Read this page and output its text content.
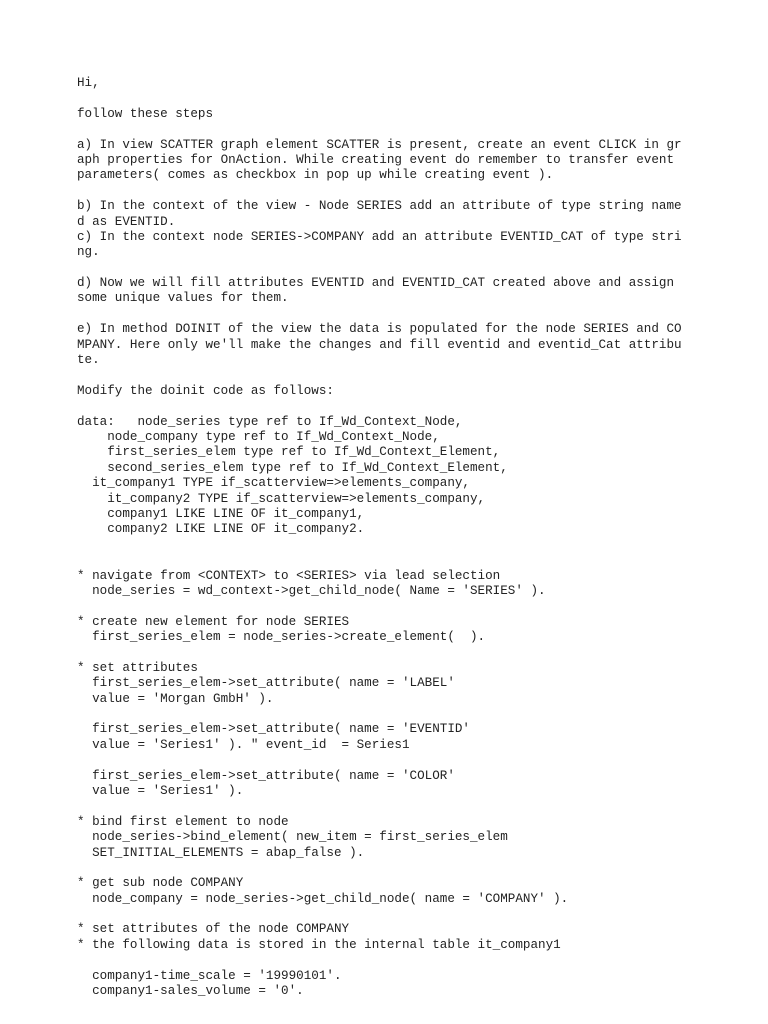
Hi,
follow these steps
a) In view SCATTER graph element SCATTER is present, create an event CLICK in gr
aph properties for OnAction. While creating event do remember to transfer event
parameters( comes as checkbox in pop up while creating event ).
b) In the context of the view - Node SERIES add an attribute of type string name
d as EVENTID.
c) In the context node SERIES->COMPANY add an attribute EVENTID_CAT of type stri
ng.
d) Now we will fill attributes EVENTID and EVENTID_CAT created above and assign
some unique values for them.
e) In method DOINIT of the view the data is populated for the node SERIES and CO
MPANY. Here only we'll make the changes and fill eventid and eventid_Cat attribu
te.
Modify the doinit code as follows:
data:   node_series type ref to If_Wd_Context_Node,
node_company type ref to If_Wd_Context_Node,
first_series_elem type ref to If_Wd_Context_Element,
second_series_elem type ref to If_Wd_Context_Element,
it_company1 TYPE if_scatterview=>elements_company,
it_company2 TYPE if_scatterview=>elements_company,
company1 LIKE LINE OF it_company1,
company2 LIKE LINE OF it_company2.
* navigate from <CONTEXT> to <SERIES> via lead selection
node_series = wd_context->get_child_node( Name = 'SERIES' ).
* create new element for node SERIES
first_series_elem = node_series->create_element(  ).
* set attributes
first_series_elem->set_attribute( name = 'LABEL'
value = 'Morgan GmbH' ).
first_series_elem->set_attribute( name = 'EVENTID'
value = 'Series1' ). " event_id  = Series1
first_series_elem->set_attribute( name = 'COLOR'
value = 'Series1' ).
* bind first element to node
node_series->bind_element( new_item = first_series_elem
SET_INITIAL_ELEMENTS = abap_false ).
* get sub node COMPANY
node_company = node_series->get_child_node( name = 'COMPANY' ).
* set attributes of the node COMPANY
* the following data is stored in the internal table it_company1
company1-time_scale = '19990101'.
company1-sales_volume = '0'.
